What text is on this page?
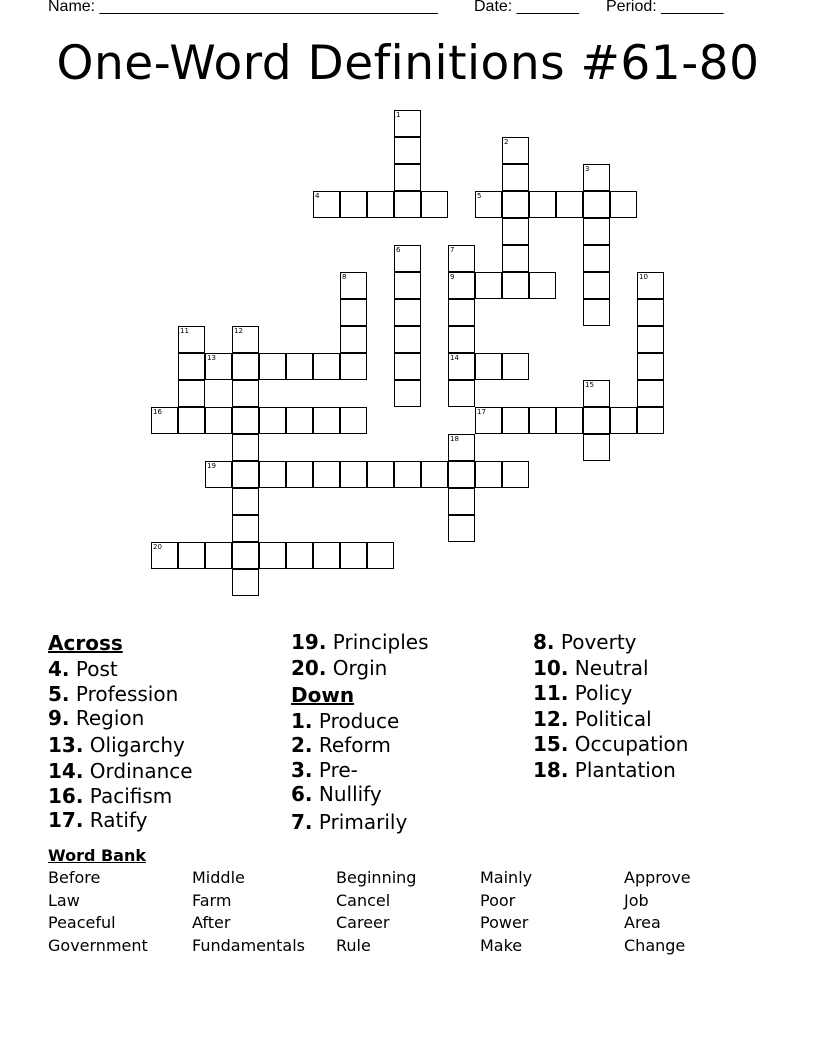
Name: ______________________________________ Date: _______ Period: _______
One-Word Definitions #61-80
1
2
3
4	5
6	7
9
14
8	10
11	12
13
15
16	17
18
19
20
Across
4. Post
5. Profession
9. Region
13. Oligarchy
14. Ordinance
16. Pacifism
17. Ratify
19. Principles
20. Orgin
Down
1. Produce
2. Reform
3. Pre-
6. Nullify
7. Primarily
8. Poverty
10. Neutral
11. Policy
12. Political
15. Occupation
18. Plantation
Word Bank
Before	Middle	Beginning	Mainly	Approve
Law	Farm	Cancel	Poor	Job
Peaceful	After	Career	Power	Area
Government	Fundamentals	Rule	Make	Change
